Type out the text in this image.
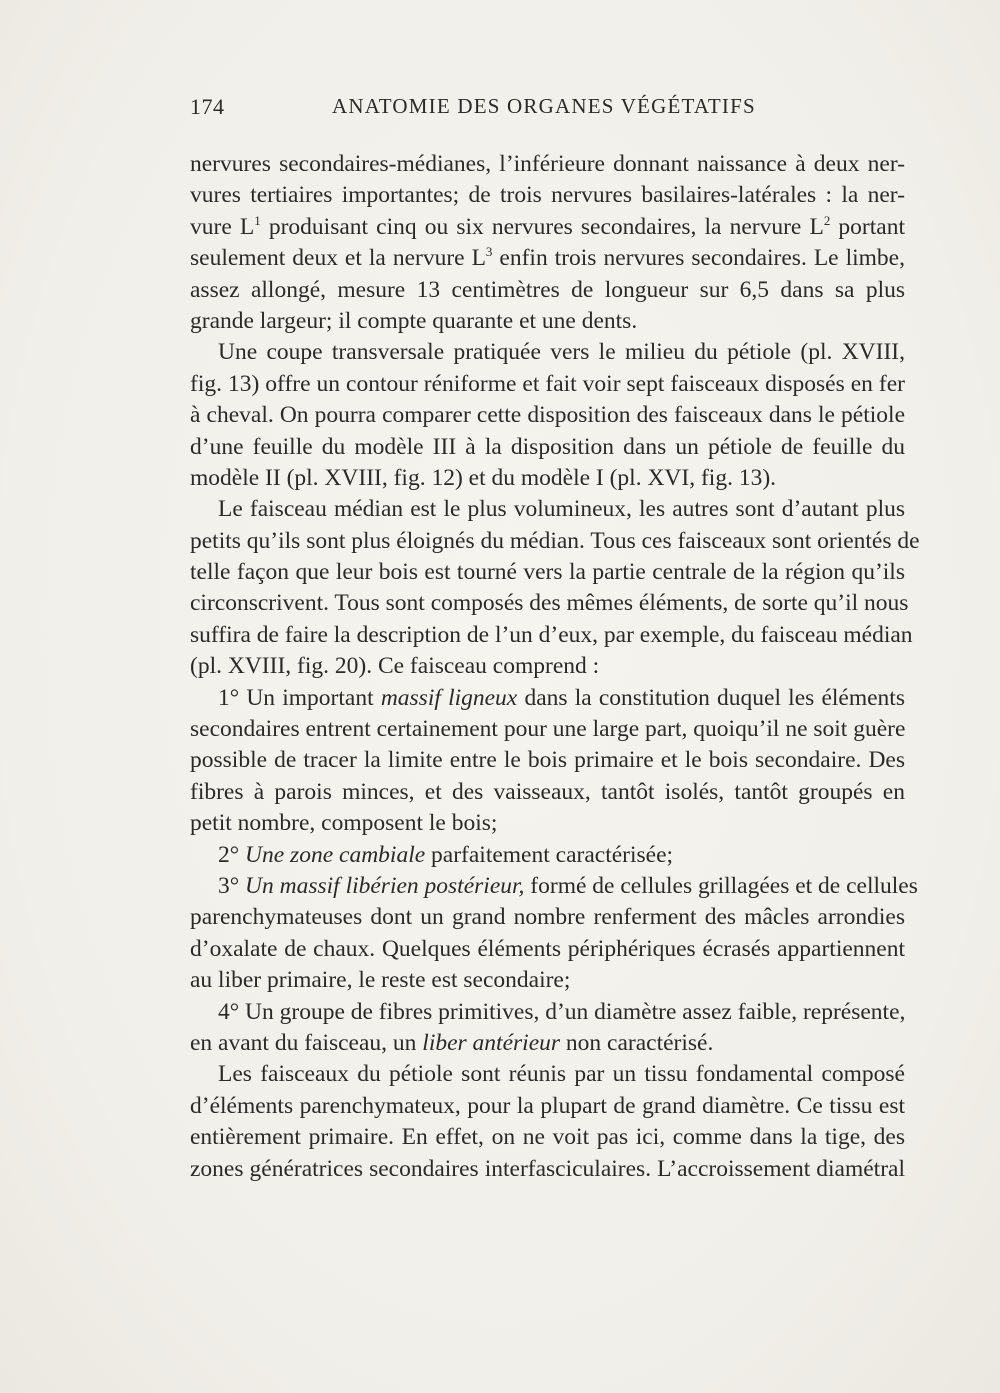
174	ANATOMIE DES ORGANES VÉGÉTATIFS
nervures secondaires-médianes, l’inférieure donnant naissance à deux ner-
vures tertiaires importantes; de trois nervures basilaires-latérales : la ner-
vure $L^1$ produisant cinq ou six nervures secondaires, la nervure $L^2$ portant
seulement deux et la nervure $L^3$ enfin trois nervures secondaires. Le limbe,
assez allongé, mesure 13 centimètres de longueur sur 6,5 dans sa plus
grande largeur; il compte quarante et une dents.
Une coupe transversale pratiquée vers le milieu du pétiole (pl. XVIII,
fig. 13) offre un contour réniforme et fait voir sept faisceaux disposés en fer
à cheval. On pourra comparer cette disposition des faisceaux dans le pétiole
d’une feuille du modèle III à la disposition dans un pétiole de feuille du
modèle II (pl. XVIII, fig. 12) et du modèle I (pl. XVI, fig. 13).
Le faisceau médian est le plus volumineux, les autres sont d’autant plus
petits qu’ils sont plus éloignés du médian. Tous ces faisceaux sont orientés de
telle façon que leur bois est tourné vers la partie centrale de la région qu’ils
circonscrivent. Tous sont composés des mêmes éléments, de sorte qu’il nous
suffira de faire la description de l’un d’eux, par exemple, du faisceau médian
(pl. XVIII, fig. 20). Ce faisceau comprend :
1° Un important massif ligneux dans la constitution duquel les éléments
secondaires entrent certainement pour une large part, quoiqu’il ne soit guère
possible de tracer la limite entre le bois primaire et le bois secondaire. Des
fibres à parois minces, et des vaisseaux, tantôt isolés, tantôt groupés en
petit nombre, composent le bois;
2° Une zone cambiale parfaitement caractérisée;
3° Un massif libérien postérieur, formé de cellules grillagées et de cellules
parenchymateuses dont un grand nombre renferment des mâcles arrondies
d’oxalate de chaux. Quelques éléments périphériques écrasés appartiennent
au liber primaire, le reste est secondaire;
4° Un groupe de fibres primitives, d’un diamètre assez faible, représente,
en avant du faisceau, un liber antérieur non caractérisé.
Les faisceaux du pétiole sont réunis par un tissu fondamental composé
d’éléments parenchymateux, pour la plupart de grand diamètre. Ce tissu est
entièrement primaire. En effet, on ne voit pas ici, comme dans la tige, des
zones génératrices secondaires interfasciculaires. L’accroissement diamétral
